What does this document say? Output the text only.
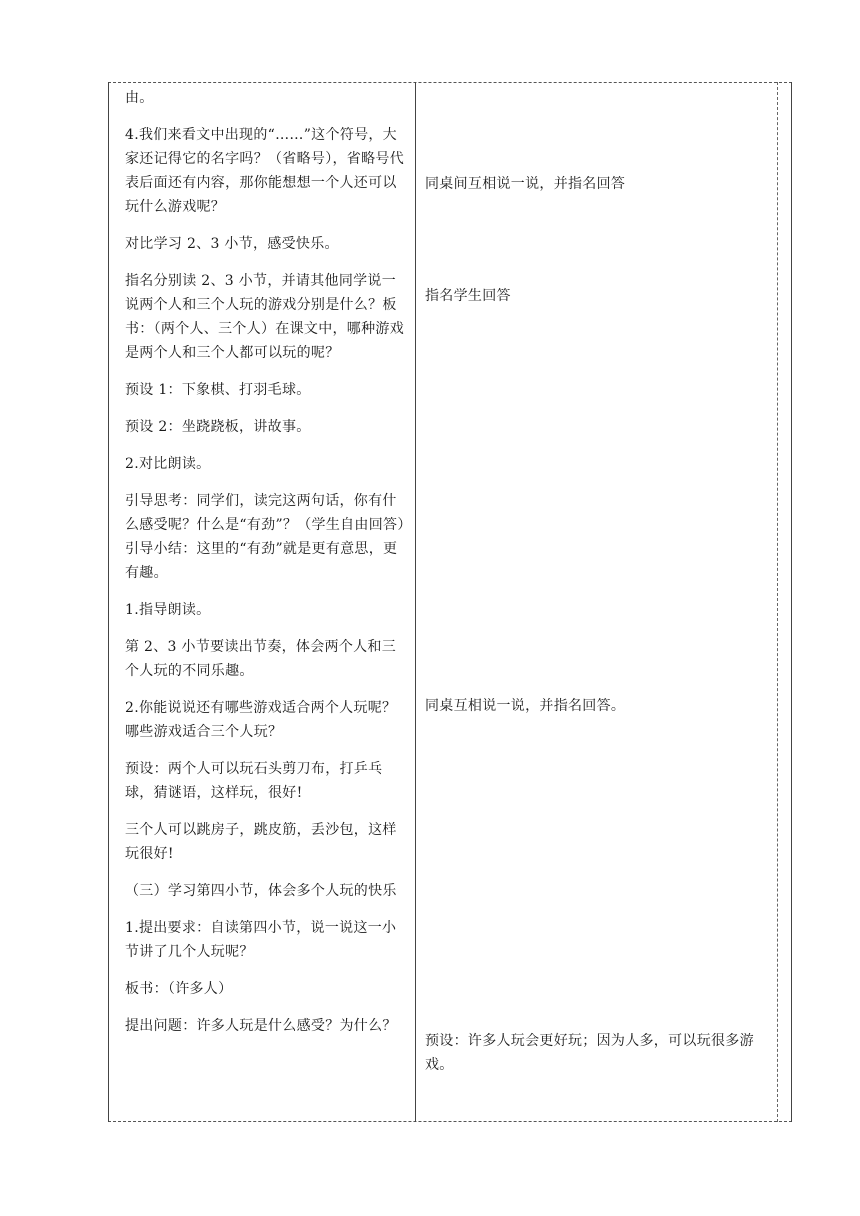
由。

4.我们来看文中出现的“……”这个符号，大家还记得它的名字吗？（省略号），省略号代表后面还有内容，那你能想想一个人还可以玩什么游戏呢？

对比学习 2、3 小节，感受快乐。

指名分别读 2、3 小节，并请其他同学说一说两个人和三个人玩的游戏分别是什么？板书：（两个人、三个人）在课文中，哪种游戏是两个人和三个人都可以玩的呢？

预设 1：下象棋、打羽毛球。

预设 2：坐跷跷板，讲故事。

2.对比朗读。

引导思考：同学们，读完这两句话，你有什么感受呢？什么是“有劲”？（学生自由回答）引导小结：这里的“有劲”就是更有意思，更有趣。

1.指导朗读。

第 2、3 小节要读出节奏，体会两个人和三个人玩的不同乐趣。

2.你能说说还有哪些游戏适合两个人玩呢？哪些游戏适合三个人玩？

预设：两个人可以玩石头剪刀布，打乒乓球，猜谜语，这样玩，很好!

三个人可以跳房子，跳皮筋，丢沙包，这样玩很好!

（三）学习第四小节，体会多个人玩的快乐

1.提出要求：自读第四小节，说一说这一小节讲了几个人玩呢？

板书：（许多人）

提出问题：许多人玩是什么感受？为什么？

同桌间互相说一说，并指名回答

指名学生回答

同桌互相说一说，并指名回答。

预设：许多人玩会更好玩；因为人多，可以玩很多游戏。
